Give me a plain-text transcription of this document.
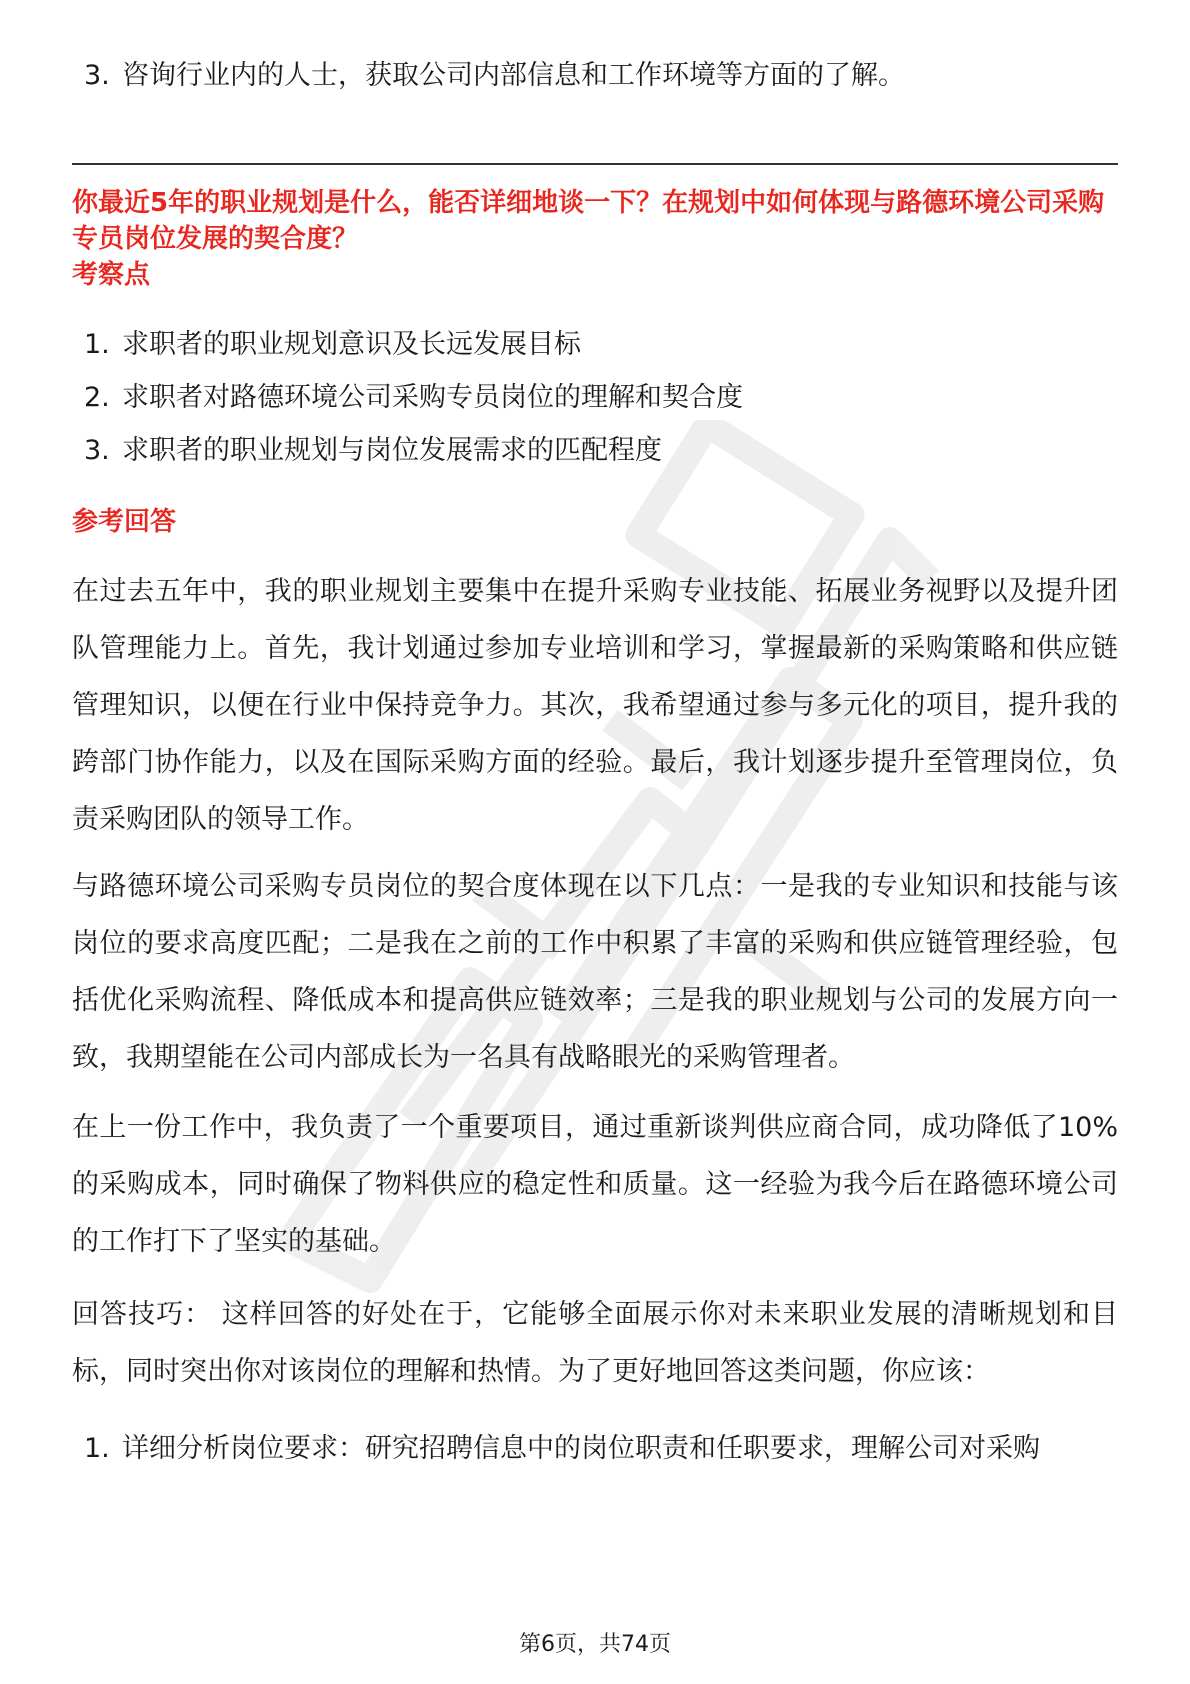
3. 咨询行业内的人士，获取公司内部信息和工作环境等方面的了解。
你最近5年的职业规划是什么，能否详细地谈一下？在规划中如何体现与路德环境公司采购专员岗位发展的契合度？
考察点
1. 求职者的职业规划意识及长远发展目标
2. 求职者对路德环境公司采购专员岗位的理解和契合度
3. 求职者的职业规划与岗位发展需求的匹配程度
参考回答
在过去五年中，我的职业规划主要集中在提升采购专业技能、拓展业务视野以及提升团队管理能力上。首先，我计划通过参加专业培训和学习，掌握最新的采购策略和供应链管理知识，以便在行业中保持竞争力。其次，我希望通过参与多元化的项目，提升我的跨部门协作能力，以及在国际采购方面的经验。最后，我计划逐步提升至管理岗位，负责采购团队的领导工作。
与路德环境公司采购专员岗位的契合度体现在以下几点：一是我的专业知识和技能与该岗位的要求高度匹配；二是我在之前的工作中积累了丰富的采购和供应链管理经验，包括优化采购流程、降低成本和提高供应链效率；三是我的职业规划与公司的发展方向一致，我期望能在公司内部成长为一名具有战略眼光的采购管理者。
在上一份工作中，我负责了一个重要项目，通过重新谈判供应商合同，成功降低了10%的采购成本，同时确保了物料供应的稳定性和质量。这一经验为我今后在路德环境公司的工作打下了坚实的基础。
回答技巧： 这样回答的好处在于，它能够全面展示你对未来职业发展的清晰规划和目标，同时突出你对该岗位的理解和热情。为了更好地回答这类问题，你应该：
1. 详细分析岗位要求：研究招聘信息中的岗位职责和任职要求，理解公司对采购
第6页，共74页
